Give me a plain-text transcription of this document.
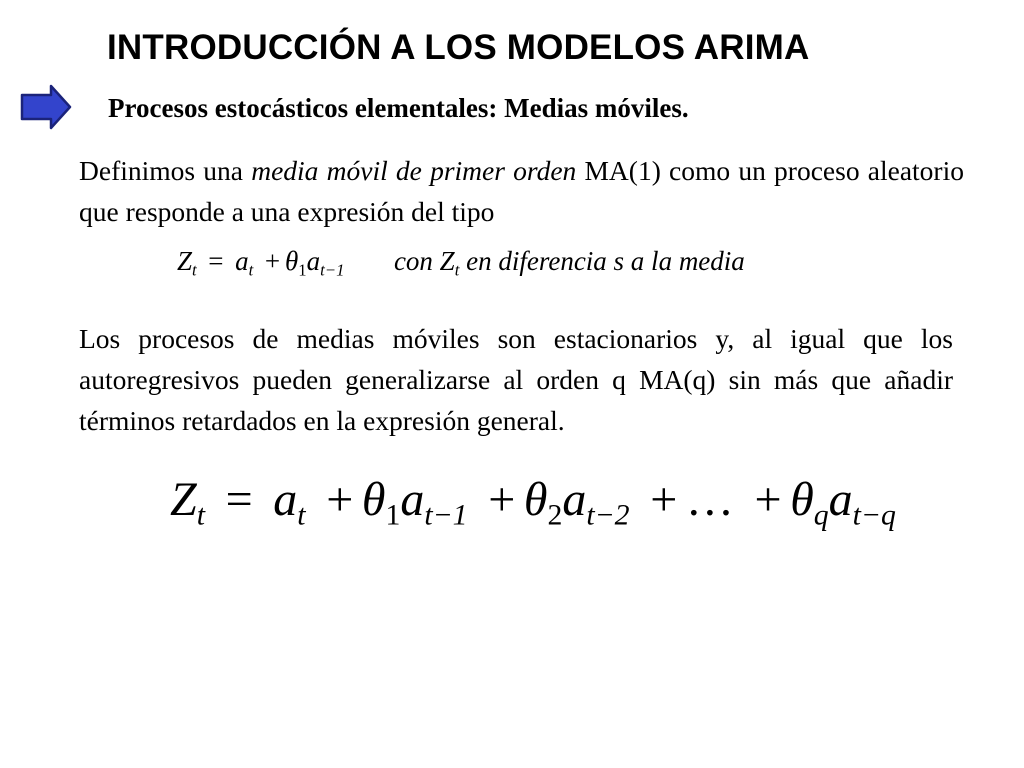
INTRODUCCIÓN A LOS MODELOS ARIMA
Procesos estocásticos elementales: Medias móviles.
Definimos una media móvil de primer orden MA(1) como un proceso aleatorio que responde a una expresión del tipo
$Z_t = a_t + \theta_1a_{t-1}$ con $Z_t$ en diferencia s a la media
Los procesos de medias móviles son estacionarios y, al igual que los autoregresivos pueden generalizarse al orden q MA(q) sin más que añadir términos retardados en la expresión general.
$Z_t = a_t + \theta_1a_{t-1} + \theta_2a_{t-2}$ + … + $\theta_qa_{t-q}$
